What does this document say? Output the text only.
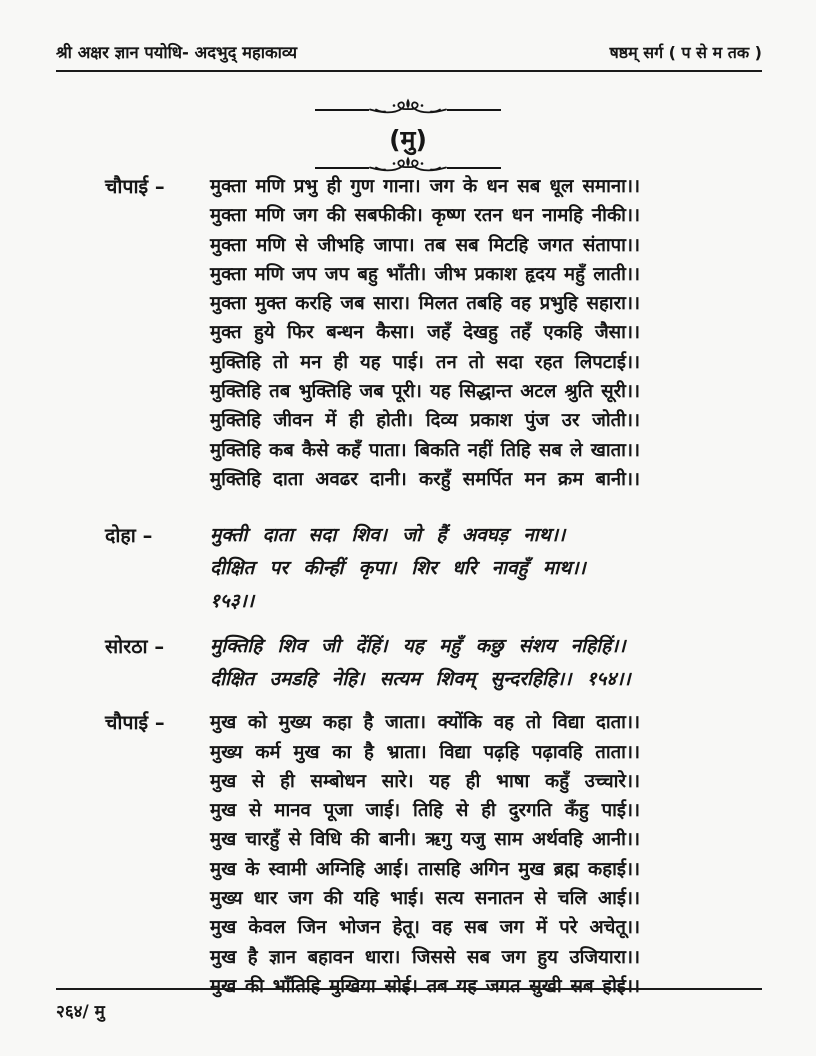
श्री अक्षर ज्ञान पयोधि- अदभुद् महाकाव्य	षष्ठम् सर्ग ( प से म तक )
(मु)
चौपाई –	मुक्ता मणि प्रभु ही गुण गाना। जग के धन सब धूल समाना।।
मुक्ता मणि जग की सबफीकी। कृष्ण रतन धन नामहि नीकी।।
मुक्ता मणि से जीभहि जापा। तब सब मिटहि जगत संतापा।।
मुक्ता मणि जप जप बहु भाँती। जीभ प्रकाश हृदय महुँ लाती।।
मुक्ता मुक्त करहि जब सारा। मिलत तबहि वह प्रभुहि सहारा।।
मुक्त हुये फिर बन्धन कैसा। जहँ देखहु तहँ एकहि जैसा।।
मुक्तिहि तो मन ही यह पाई। तन तो सदा रहत लिपटाई।।
मुक्तिहि तब भुक्तिहि जब पूरी। यह सिद्धान्त अटल श्रुति सूरी।।
मुक्तिहि जीवन में ही होती। दिव्य प्रकाश पुंज उर जोती।।
मुक्तिहि कब कैसे कहँ पाता। बिकति नहीं तिहि सब ले खाता।।
मुक्तिहि दाता अवढर दानी। करहुँ समर्पित मन क्रम बानी।।
दोहा –	मुक्ती दाता सदा शिव। जो हैं अवघड़ नाथ।।
दीक्षित पर कीन्हीं कृपा। शिर धरि नावहुँ माथ।। १५३।।
सोरठा –	मुक्तिहि शिव जी देंहिं। यह महुँ कछु संशय नहिहिं।।
दीक्षित उमडहि नेहि। सत्यम शिवम् सुन्दरहिहि।। १५४।।
चौपाई –	मुख को मुख्य कहा है जाता। क्योंकि वह तो विद्या दाता।।
मुख्य कर्म मुख का है भ्राता। विद्या पढ़हि पढ़ावहि ताता।।
मुख से ही सम्बोधन सारे। यह ही भाषा कहुँ उच्चारे।।
मुख से मानव पूजा जाई। तिहि से ही दुरगति कँहु पाई।।
मुख चारहुँ से विधि की बानी। ऋगु यजु साम अर्थवहि आनी।।
मुख के स्वामी अग्निहि आई। तासहि अगिन मुख ब्रह्म कहाई।।
मुख्य धार जग की यहि भाई। सत्य सनातन से चलि आई।।
मुख केवल जिन भोजन हेतू। वह सब जग में परे अचेतू।।
मुख है ज्ञान बहावन धारा। जिससे सब जग हुय उजियारा।।
मुख की भाँतिहि मुखिया सोई। तब यह जगत सुखी सब होई।।
२६४/ मु
